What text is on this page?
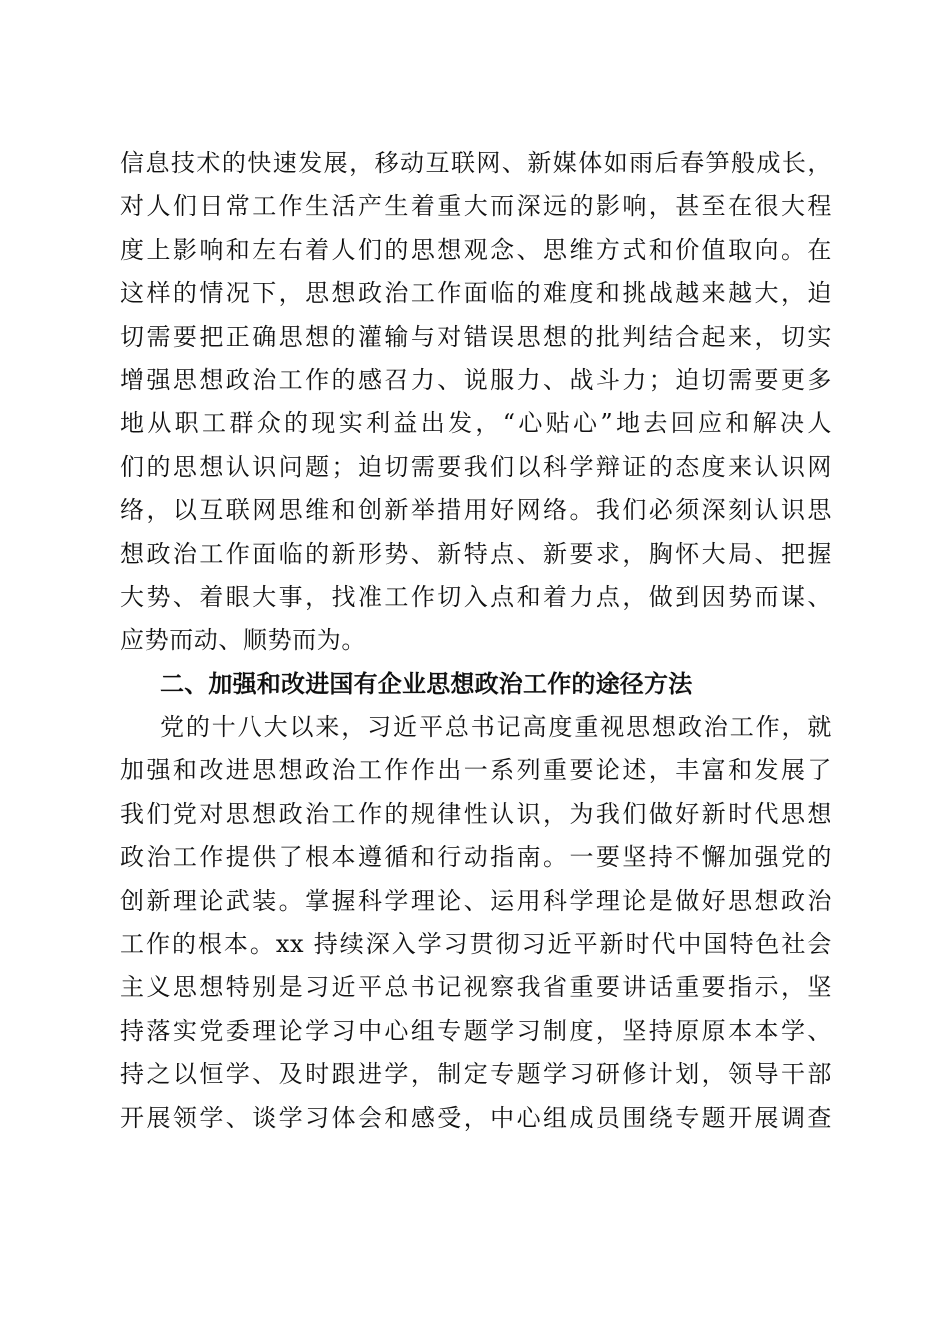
信息技术的快速发展，移动互联网、新媒体如雨后春笋般成长，
对人们日常工作生活产生着重大而深远的影响，甚至在很大程
度上影响和左右着人们的思想观念、思维方式和价值取向。在
这样的情况下，思想政治工作面临的难度和挑战越来越大，迫
切需要把正确思想的灌输与对错误思想的批判结合起来，切实
增强思想政治工作的感召力、说服力、战斗力；迫切需要更多
地从职工群众的现实利益出发，“心贴心”地去回应和解决人
们的思想认识问题；迫切需要我们以科学辩证的态度来认识网
络，以互联网思维和创新举措用好网络。我们必须深刻认识思
想政治工作面临的新形势、新特点、新要求，胸怀大局、把握
大势、着眼大事，找准工作切入点和着力点，做到因势而谋、
应势而动、顺势而为。
二、加强和改进国有企业思想政治工作的途径方法
党的十八大以来，习近平总书记高度重视思想政治工作，就
加强和改进思想政治工作作出一系列重要论述，丰富和发展了
我们党对思想政治工作的规律性认识，为我们做好新时代思想
政治工作提供了根本遵循和行动指南。一要坚持不懈加强党的
创新理论武装。掌握科学理论、运用科学理论是做好思想政治
工作的根本。xx 持续深入学习贯彻习近平新时代中国特色社会
主义思想特别是习近平总书记视察我省重要讲话重要指示，坚
持落实党委理论学习中心组专题学习制度，坚持原原本本学、
持之以恒学、及时跟进学，制定专题学习研修计划，领导干部
开展领学、谈学习体会和感受，中心组成员围绕专题开展调查
